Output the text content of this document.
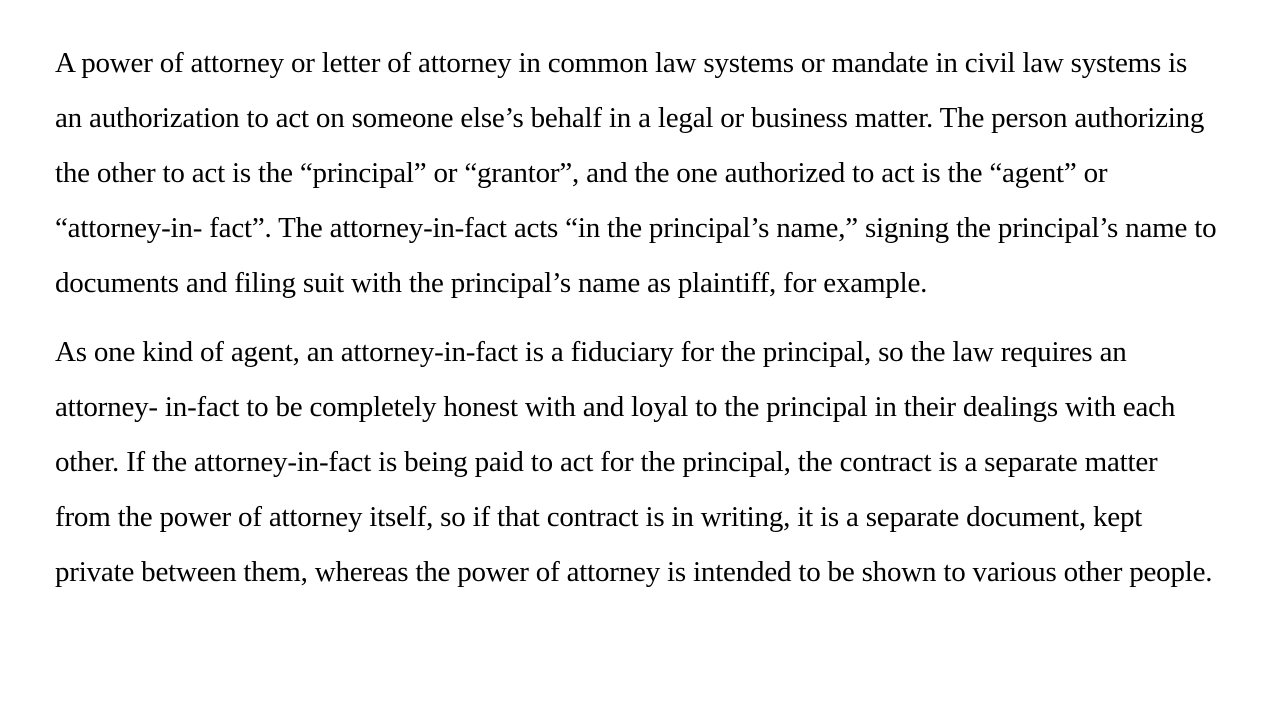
A power of attorney or letter of attorney in common law systems or mandate in civil law systems is an authorization to act on someone else’s behalf in a legal or business matter. The person authorizing the other to act is the “principal” or “grantor”, and the one authorized to act is the “agent” or “attorney-in- fact”. The attorney-in-fact acts “in the principal’s name,” signing the principal’s name to documents and filing suit with the principal’s name as plaintiff, for example.

As one kind of agent, an attorney-in-fact is a fiduciary for the principal, so the law requires an attorney- in-fact to be completely honest with and loyal to the principal in their dealings with each other. If the attorney-in-fact is being paid to act for the principal, the contract is a separate matter from the power of attorney itself, so if that contract is in writing, it is a separate document, kept private between them, whereas the power of attorney is intended to be shown to various other people.
